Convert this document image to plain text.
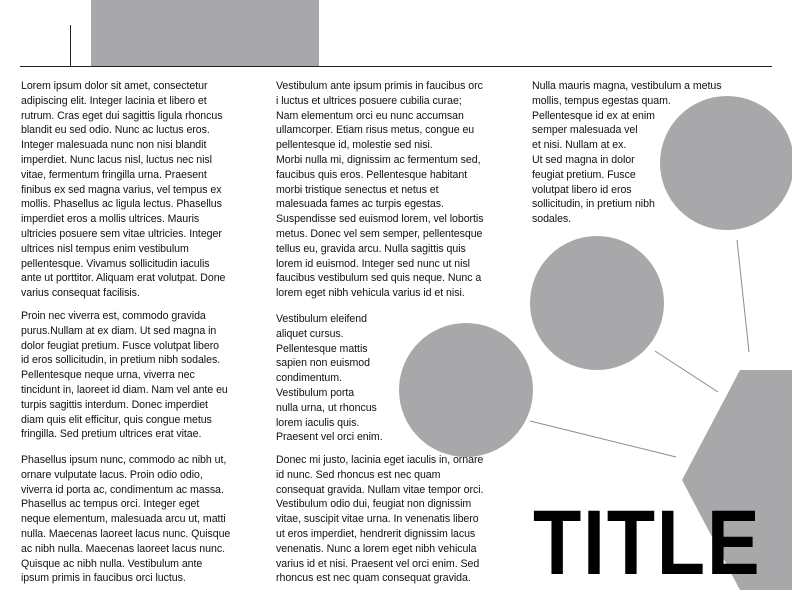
Lorem ipsum dolor sit amet, consectetur
adipiscing elit. Integer lacinia et libero et
rutrum. Cras eget dui sagittis ligula rhoncus
blandit eu sed odio. Nunc ac luctus eros.
Integer malesuada nunc non nisi blandit
imperdiet. Nunc lacus nisl, luctus nec nisl
vitae, fermentum fringilla urna. Praesent
finibus ex sed magna varius, vel tempus ex
mollis. Phasellus ac ligula lectus. Phasellus
imperdiet eros a mollis ultrices. Mauris
ultricies posuere sem vitae ultricies. Integer
ultrices nisl tempus enim vestibulum
pellentesque. Vivamus sollicitudin iaculis
ante ut porttitor. Aliquam erat volutpat. Done
varius consequat facilisis.
Proin nec viverra est, commodo gravida
purus.Nullam at ex diam. Ut sed magna in
dolor feugiat pretium. Fusce volutpat libero
id eros sollicitudin, in pretium nibh sodales.
Pellentesque neque urna, viverra nec
tincidunt in, laoreet id diam. Nam vel ante eu
turpis sagittis interdum. Donec imperdiet
diam quis elit efficitur, quis congue metus
fringilla. Sed pretium ultrices erat vitae.
Phasellus ipsum nunc, commodo ac nibh ut,
ornare vulputate lacus. Proin odio odio,
viverra id porta ac, condimentum ac massa.
Phasellus ac tempus orci. Integer eget
neque elementum, malesuada arcu ut, matti
nulla. Maecenas laoreet lacus nunc. Quisque
ac nibh nulla. Maecenas laoreet lacus nunc.
Quisque ac nibh nulla. Vestibulum ante
ipsum primis in faucibus orci luctus.
Vestibulum ante ipsum primis in faucibus orc
i luctus et ultrices posuere cubilia curae;
Nam elementum orci eu nunc accumsan
ullamcorper. Etiam risus metus, congue eu
pellentesque id, molestie sed nisi.
Morbi nulla mi, dignissim ac fermentum sed,
faucibus quis eros. Pellentesque habitant
morbi tristique senectus et netus et
malesuada fames ac turpis egestas.
Suspendisse sed euismod lorem, vel lobortis
metus. Donec vel sem semper, pellentesque
tellus eu, gravida arcu. Nulla sagittis quis
lorem id euismod. Integer sed nunc ut nisl
faucibus vestibulum sed quis neque. Nunc a
lorem eget nibh vehicula varius id et nisi.
Vestibulum eleifend
aliquet cursus.
Pellentesque mattis
sapien non euismod
condimentum.
Vestibulum porta
nulla urna, ut rhoncus
lorem iaculis quis.
Praesent vel orci enim.
Donec mi justo, lacinia eget iaculis in, ornare
id nunc. Sed rhoncus est nec quam
consequat gravida. Nullam vitae tempor orci.
Vestibulum odio dui, feugiat non dignissim
vitae, suscipit vitae urna. In venenatis libero
ut eros imperdiet, hendrerit dignissim lacus
venenatis. Nunc a lorem eget nibh vehicula
varius id et nisi. Praesent vel orci enim. Sed
rhoncus est nec quam consequat gravida.
Nulla mauris magna, vestibulum a metus
mollis, tempus egestas quam.
Pellentesque id ex at enim
semper malesuada vel
et nisi. Nullam at ex.
Ut sed magna in dolor
feugiat pretium. Fusce
volutpat libero id eros
sollicitudin, in pretium nibh
sodales.
TITLE
